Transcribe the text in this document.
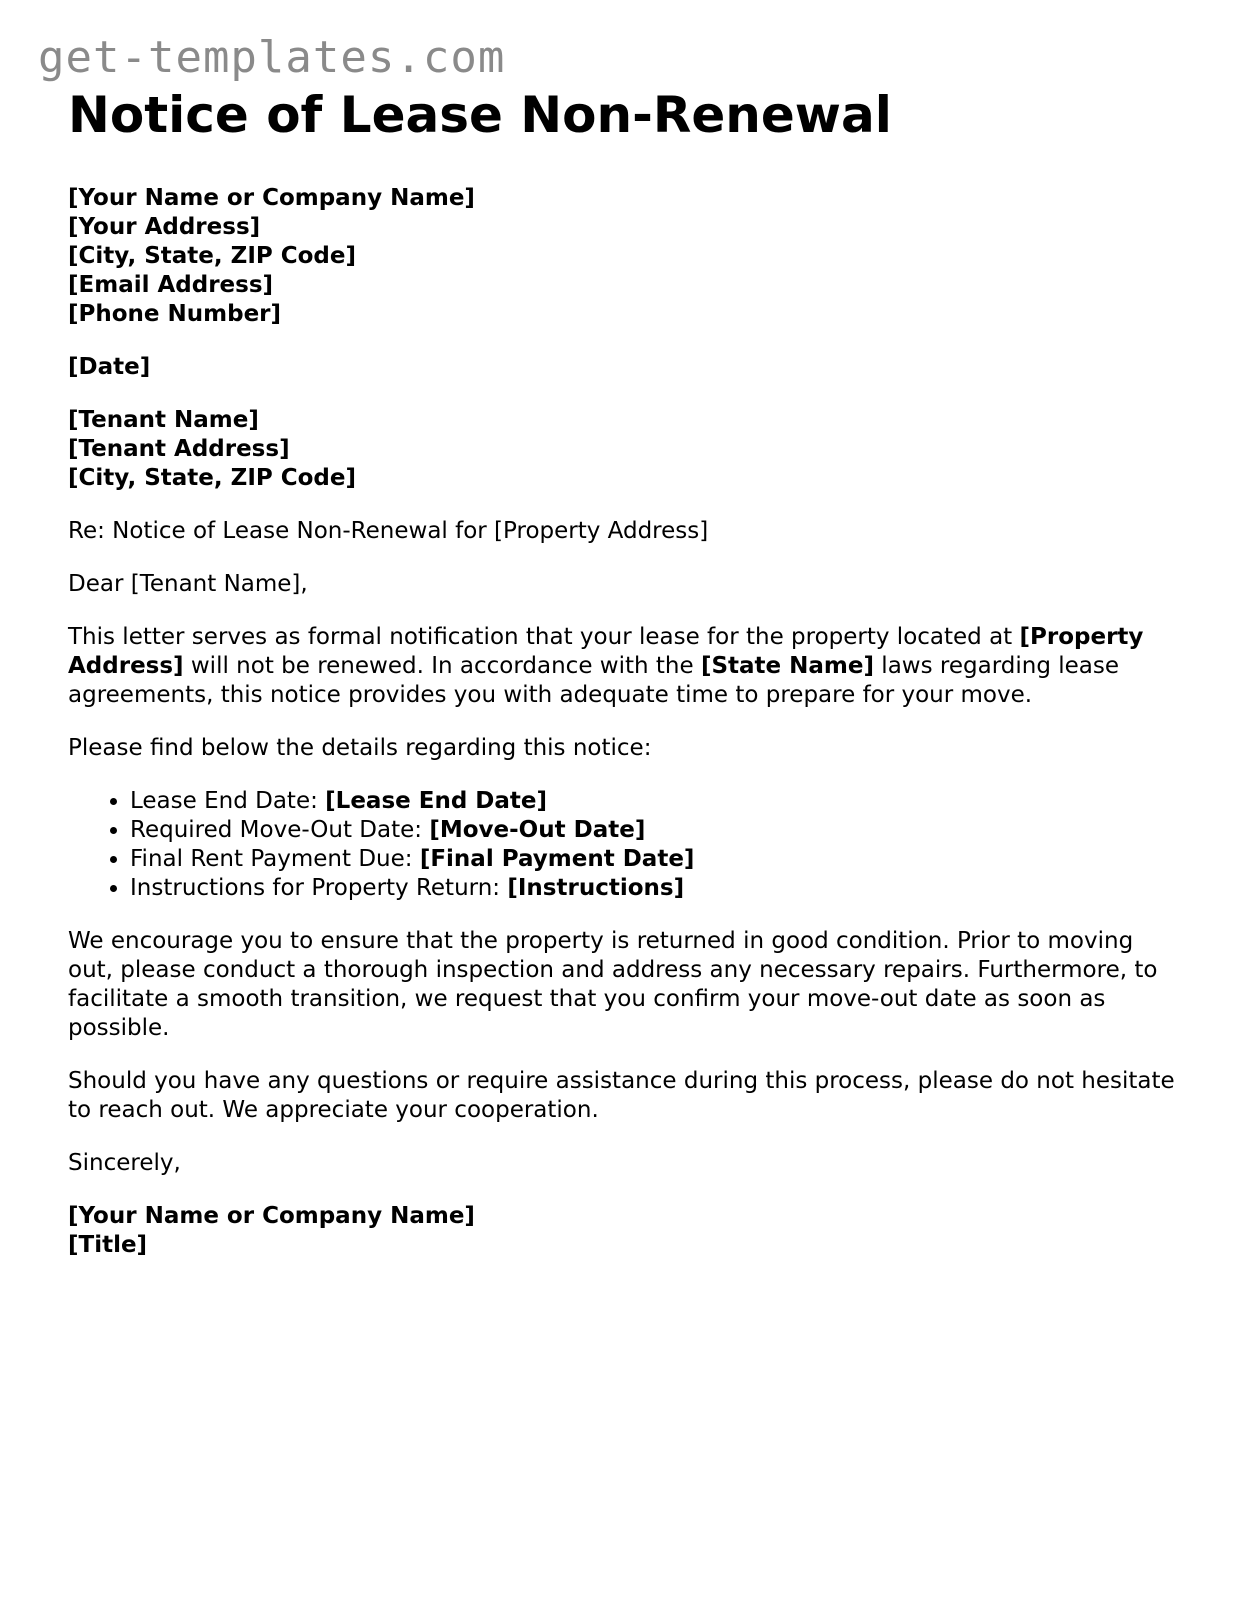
get-templates.com
Notice of Lease Non-Renewal
[Your Name or Company Name]
[Your Address]
[City, State, ZIP Code]
[Email Address]
[Phone Number]
[Date]
[Tenant Name]
[Tenant Address]
[City, State, ZIP Code]

Re: Notice of Lease Non-Renewal for [Property Address]

Dear [Tenant Name],

This letter serves as formal notification that your lease for the property located at [Property Address] will not be renewed. In accordance with the [State Name] laws regarding lease agreements, this notice provides you with adequate time to prepare for your move.

Please find below the details regarding this notice:

• Lease End Date: [Lease End Date]
• Required Move-Out Date: [Move-Out Date]
• Final Rent Payment Due: [Final Payment Date]
• Instructions for Property Return: [Instructions]

We encourage you to ensure that the property is returned in good condition. Prior to moving out, please conduct a thorough inspection and address any necessary repairs. Furthermore, to facilitate a smooth transition, we request that you confirm your move-out date as soon as possible.

Should you have any questions or require assistance during this process, please do not hesitate to reach out. We appreciate your cooperation.

Sincerely,

[Your Name or Company Name]
[Title]
